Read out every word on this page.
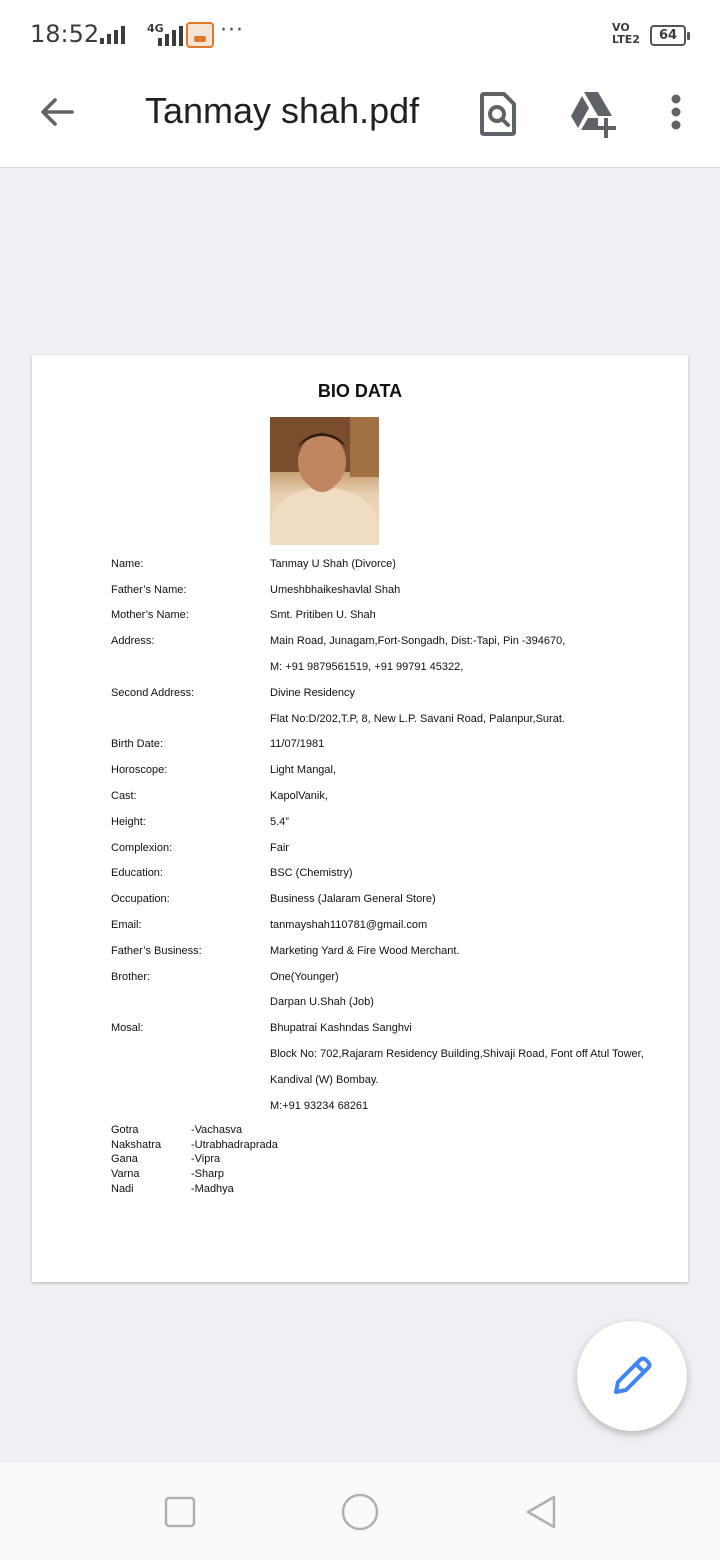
18:52	4G	···	VO
LTE2	64
Tanmay shah.pdf
BIO DATA
Name:	Tanmay U Shah (Divorce)
Father’s Name:	Umeshbhaikeshavlal Shah
Mother’s Name:	Smt. Pritiben U. Shah
Address:	Main Road, Junagam,Fort-Songadh, Dist:-Tapi, Pin -394670,
M: +91 9879561519, +91 99791 45322,
Second Address:	Divine Residency
Flat No:D/202,T.P, 8, New L.P. Savani Road, Palanpur,Surat.
Birth Date:	11/07/1981
Horoscope:	Light Mangal,
Cast:	KapolVanik,
Height:	5.4”
Complexion:	Fair
Education:	BSC (Chemistry)
Occupation:	Business (Jalaram General Store)
Email:	tanmayshah110781@gmail.com
Father’s Business:	Marketing Yard & Fire Wood Merchant.
Brother:	One(Younger)
Darpan U.Shah (Job)
Mosal:	Bhupatrai Kashndas Sanghvi
Block No: 702,Rajaram Residency Building,Shivaji Road, Font off Atul Tower,
Kandival (W) Bombay.
M:+91 93234 68261
Gotra	-Vachasva
Nakshatra	-Utrabhadraprada
Gana	-Vipra
Varna	-Sharp
Nadi	-Madhya
